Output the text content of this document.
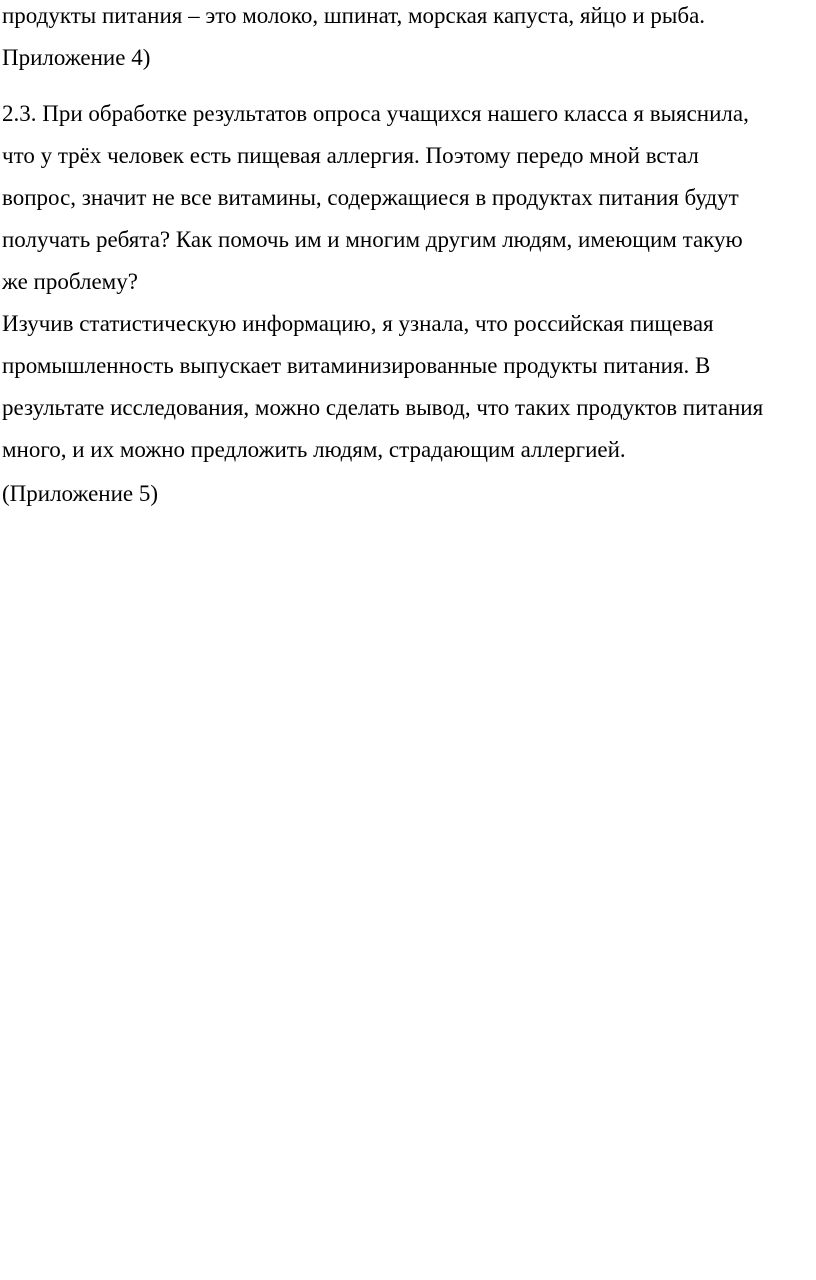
продукты питания – это молоко, шпинат, морская капуста, яйцо и рыба.
Приложение 4)
2.3. При обработке результатов опроса учащихся нашего класса я выяснила,
что у трёх человек есть пищевая аллергия. Поэтому передо мной встал
вопрос, значит не все витамины, содержащиеся в продуктах питания будут
получать ребята? Как помочь им и многим другим людям, имеющим такую
же проблему?
Изучив статистическую информацию, я узнала, что российская пищевая
промышленность выпускает витаминизированные продукты питания. В
результате исследования, можно сделать вывод, что таких продуктов питания
много, и их можно предложить людям, страдающим аллергией.
(Приложение 5)
